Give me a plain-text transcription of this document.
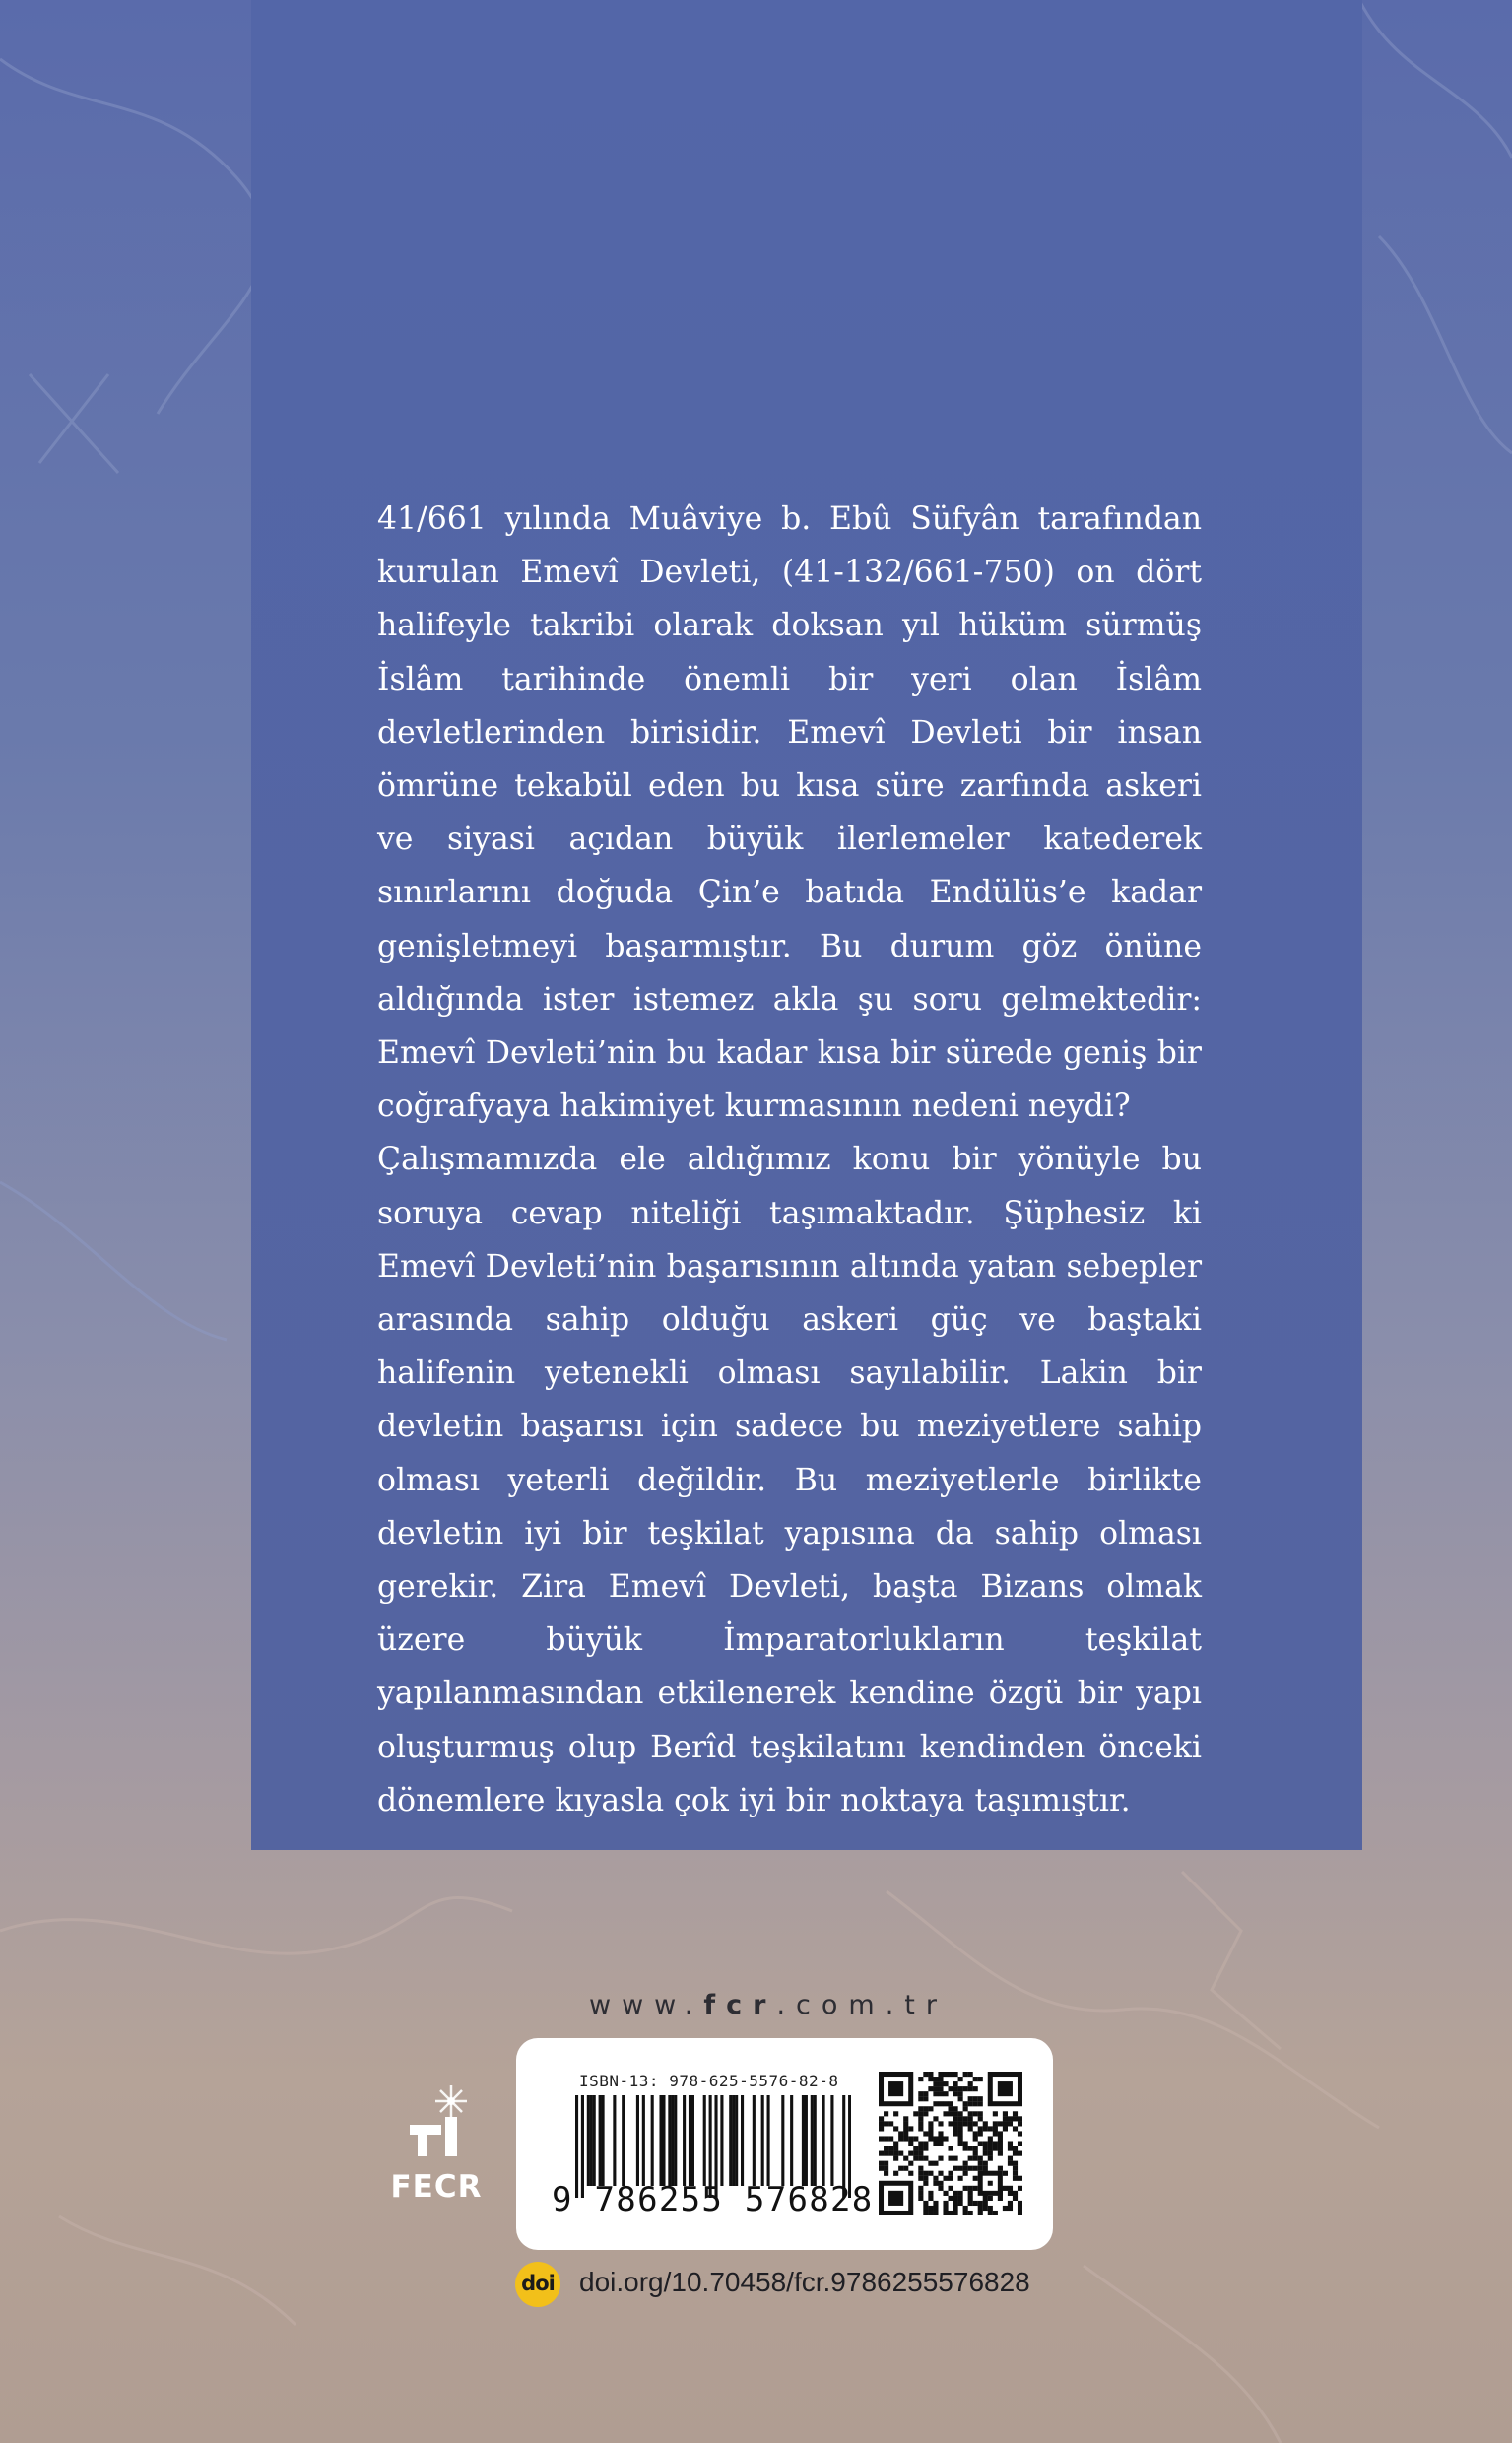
41/661 yılında Muâviye b. Ebû Süfyân tarafından kurulan Emevî Devleti, (41-132/661-750) on dört halifeyle takribi olarak doksan yıl hüküm sürmüş İslâm tarihinde önemli bir yeri olan İslâm devletlerinden birisidir. Emevî Devleti bir insan ömrüne tekabül eden bu kısa süre zarfında askeri ve siyasi açıdan büyük ilerlemeler katederek sınırlarını doğuda Çin’e batıda Endülüs’e kadar genişletmeyi başarmıştır. Bu durum göz önüne aldığında ister istemez akla şu soru gelmektedir: Emevî Devleti’nin bu kadar kısa bir sürede geniş bir coğrafyaya hakimiyet kurmasının nedeni neydi?

Çalışmamızda ele aldığımız konu bir yönüyle bu soruya cevap niteliği taşımaktadır. Şüphesiz ki Emevî Devleti’nin başarısının altında yatan sebepler arasında sahip olduğu askeri güç ve baştaki halifenin yetenekli olması sayılabilir. Lakin bir devletin başarısı için sadece bu meziyetlere sahip olması yeterli değildir. Bu meziyetlerle birlikte devletin iyi bir teşkilat yapısına da sahip olması gerekir. Zira Emevî Devleti, başta Bizans olmak üzere büyük İmparatorlukların teşkilat yapılanmasından etkilenerek kendine özgü bir yapı oluşturmuş olup Berîd teşkilatını kendinden önceki dönemlere kıyasla çok iyi bir noktaya taşımıştır.

www.fcr.com.tr
FECR
ISBN-13: 978-625-5576-82-8
9 786255 576828
doi doi.org/10.70458/fcr.9786255576828
